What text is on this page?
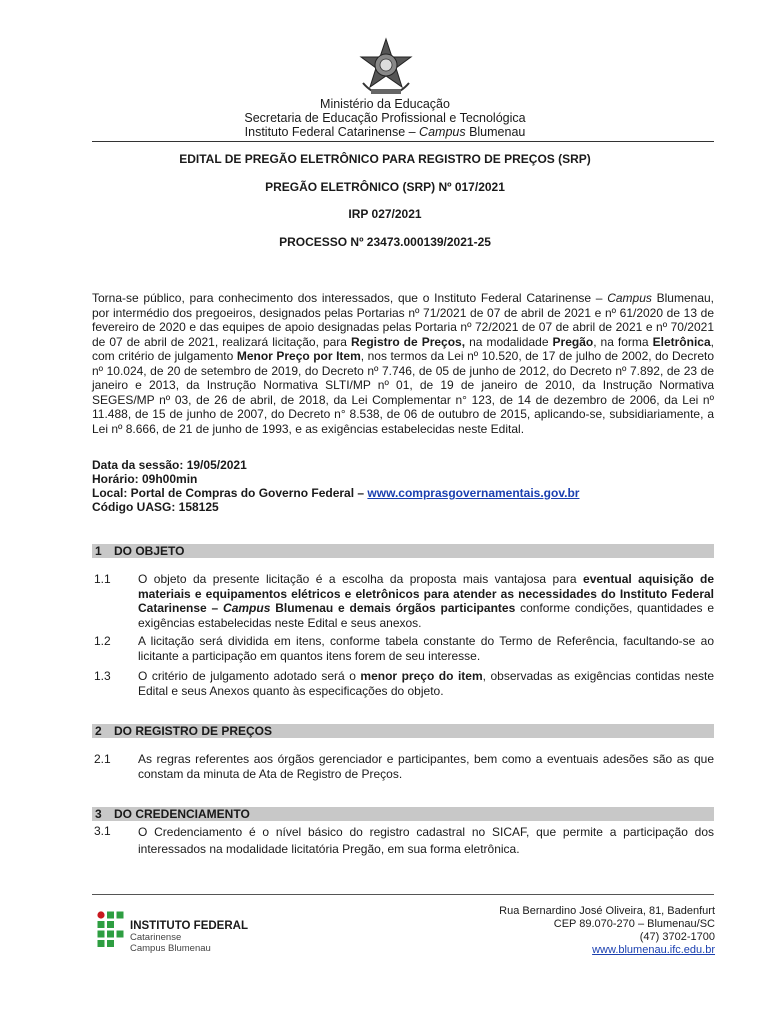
Ministério da Educação
Secretaria de Educação Profissional e Tecnológica
Instituto Federal Catarinense – Campus Blumenau
EDITAL DE PREGÃO ELETRÔNICO PARA REGISTRO DE PREÇOS (SRP)
PREGÃO ELETRÔNICO (SRP) Nº 017/2021
IRP 027/2021
PROCESSO Nº 23473.000139/2021-25
Torna-se público, para conhecimento dos interessados, que o Instituto Federal Catarinense – Campus Blumenau, por intermédio dos pregoeiros, designados pelas Portarias nº 71/2021 de 07 de abril de 2021 e nº 61/2020 de 13 de fevereiro de 2020 e das equipes de apoio designadas pelas Portaria nº 72/2021 de 07 de abril de 2021 e nº 70/2021 de 07 de abril de 2021, realizará licitação, para Registro de Preços, na modalidade Pregão, na forma Eletrônica, com critério de julgamento Menor Preço por Item, nos termos da Lei nº 10.520, de 17 de julho de 2002, do Decreto nº 10.024, de 20 de setembro de 2019, do Decreto nº 7.746, de 05 de junho de 2012, do Decreto nº 7.892, de 23 de janeiro e 2013, da Instrução Normativa SLTI/MP nº 01, de 19 de janeiro de 2010, da Instrução Normativa SEGES/MP nº 03, de 26 de abril, de 2018, da Lei Complementar n° 123, de 14 de dezembro de 2006, da Lei nº 11.488, de 15 de junho de 2007, do Decreto n° 8.538, de 06 de outubro de 2015, aplicando-se, subsidiariamente, a Lei nº 8.666, de 21 de junho de 1993, e as exigências estabelecidas neste Edital.
Data da sessão: 19/05/2021
Horário: 09h00min
Local: Portal de Compras do Governo Federal – www.comprasgovernamentais.gov.br
Código UASG: 158125
1 DO OBJETO
1.1 O objeto da presente licitação é a escolha da proposta mais vantajosa para eventual aquisição de materiais e equipamentos elétricos e eletrônicos para atender as necessidades do Instituto Federal Catarinense – Campus Blumenau e demais órgãos participantes conforme condições, quantidades e exigências estabelecidas neste Edital e seus anexos.
1.2 A licitação será dividida em itens, conforme tabela constante do Termo de Referência, facultando-se ao licitante a participação em quantos itens forem de seu interesse.
1.3 O critério de julgamento adotado será o menor preço do item, observadas as exigências contidas neste Edital e seus Anexos quanto às especificações do objeto.
2 DO REGISTRO DE PREÇOS
2.1 As regras referentes aos órgãos gerenciador e participantes, bem como a eventuais adesões são as que constam da minuta de Ata de Registro de Preços.
3 DO CREDENCIAMENTO
3.1 O Credenciamento é o nível básico do registro cadastral no SICAF, que permite a participação dos interessados na modalidade licitatória Pregão, em sua forma eletrônica.
INSTITUTO FEDERAL
Catarinense
Campus Blumenau
Rua Bernardino José Oliveira, 81, Badenfurt
CEP 89.070-270 – Blumenau/SC
(47) 3702-1700
www.blumenau.ifc.edu.br
